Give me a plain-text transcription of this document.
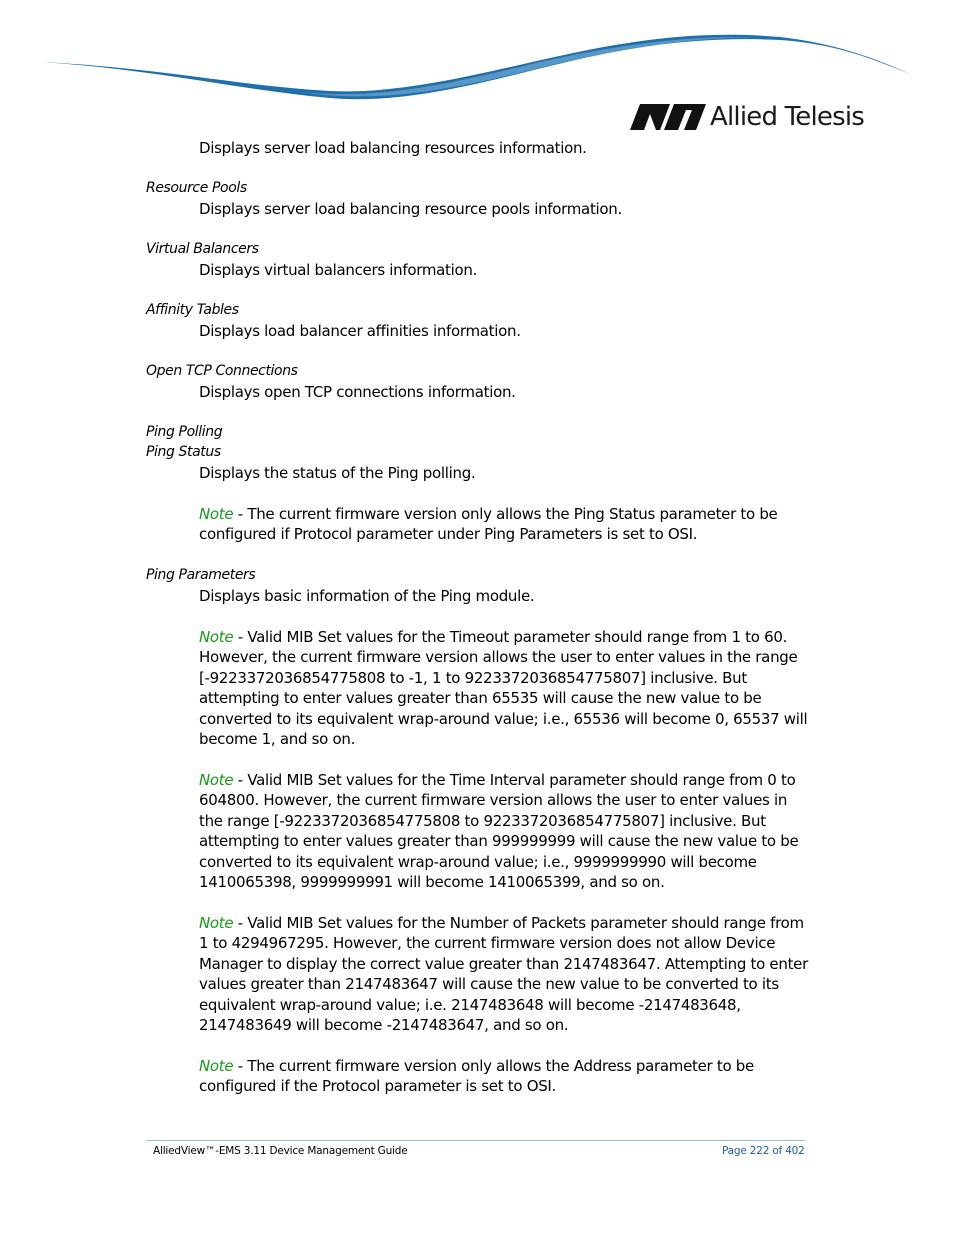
Allied Telesis
Displays server load balancing resources information.
Resource Pools
Displays server load balancing resource pools information.
Virtual Balancers
Displays virtual balancers information.
Affinity Tables
Displays load balancer affinities information.
Open TCP Connections
Displays open TCP connections information.
Ping Polling
Ping Status
Displays the status of the Ping polling.
Note - The current firmware version only allows the Ping Status parameter to be configured if Protocol parameter under Ping Parameters is set to OSI.
Ping Parameters
Displays basic information of the Ping module.
Note - Valid MIB Set values for the Timeout parameter should range from 1 to 60. However, the current firmware version allows the user to enter values in the range [-9223372036854775808 to -1, 1 to 9223372036854775807] inclusive. But attempting to enter values greater than 65535 will cause the new value to be converted to its equivalent wrap-around value; i.e., 65536 will become 0, 65537 will become 1, and so on.
Note - Valid MIB Set values for the Time Interval parameter should range from 0 to 604800. However, the current firmware version allows the user to enter values in the range [-9223372036854775808 to 9223372036854775807] inclusive. But attempting to enter values greater than 999999999 will cause the new value to be converted to its equivalent wrap-around value; i.e., 9999999990 will become 1410065398, 9999999991 will become 1410065399, and so on.
Note - Valid MIB Set values for the Number of Packets parameter should range from 1 to 4294967295. However, the current firmware version does not allow Device Manager to display the correct value greater than 2147483647. Attempting to enter values greater than 2147483647 will cause the new value to be converted to its equivalent wrap-around value; i.e. 2147483648 will become -2147483648, 2147483649 will become -2147483647, and so on.
Note - The current firmware version only allows the Address parameter to be configured if the Protocol parameter is set to OSI.
AlliedView™-EMS 3.11 Device Management Guide	Page 222 of 402
